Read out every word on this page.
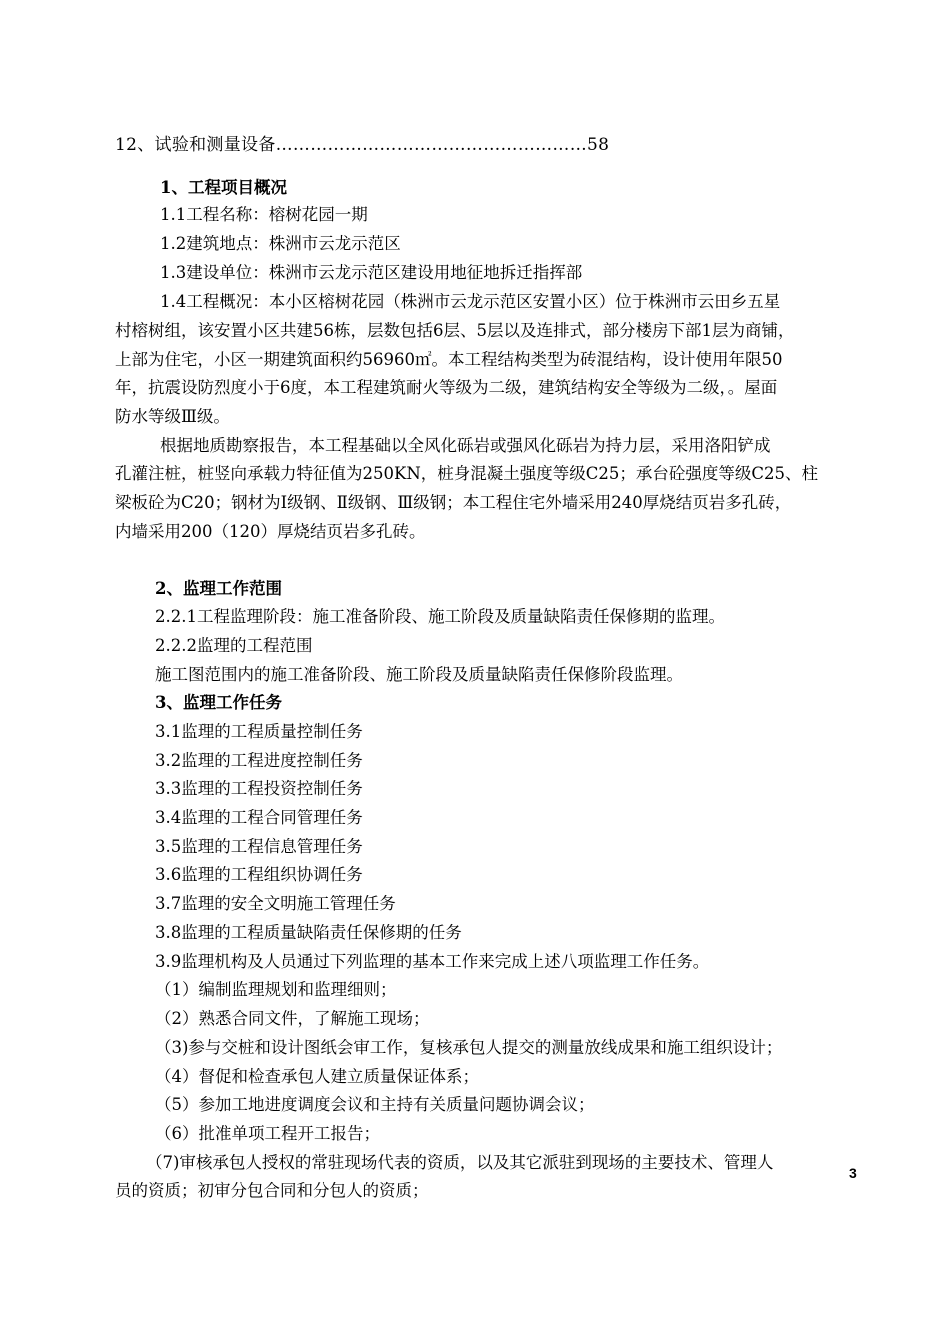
12、试验和测量设备………………………………………………58
1、工程项目概况
1.1工程名称：榕树花园一期
1.2建筑地点：株洲市云龙示范区
1.3建设单位：株洲市云龙示范区建设用地征地拆迁指挥部
1.4工程概况：本小区榕树花园（株洲市云龙示范区安置小区）位于株洲市云田乡五星
村榕树组，该安置小区共建56栋，层数包括6层、5层以及连排式，部分楼房下部1层为商铺，
上部为住宅，小区一期建筑面积约56960㎡。本工程结构类型为砖混结构，设计使用年限50
年，抗震设防烈度小于6度，本工程建筑耐火等级为二级，建筑结构安全等级为二级，。屋面
防水等级Ⅲ级。
根据地质勘察报告，本工程基础以全风化砾岩或强风化砾岩为持力层，采用洛阳铲成
孔灌注桩，桩竖向承载力特征值为250KN，桩身混凝土强度等级C25；承台砼强度等级C25、柱
梁板砼为C20；钢材为Ⅰ级钢、Ⅱ级钢、Ⅲ级钢；本工程住宅外墙采用240厚烧结页岩多孔砖，
内墙采用200（120）厚烧结页岩多孔砖。
2、监理工作范围
2.2.1工程监理阶段：施工准备阶段、施工阶段及质量缺陷责任保修期的监理。
2.2.2监理的工程范围
施工图范围内的施工准备阶段、施工阶段及质量缺陷责任保修阶段监理。
3、监理工作任务
3.1监理的工程质量控制任务
3.2监理的工程进度控制任务
3.3监理的工程投资控制任务
3.4监理的工程合同管理任务
3.5监理的工程信息管理任务
3.6监理的工程组织协调任务
3.7监理的安全文明施工管理任务
3.8监理的工程质量缺陷责任保修期的任务
3.9监理机构及人员通过下列监理的基本工作来完成上述八项监理工作任务。
（1）编制监理规划和监理细则；
（2）熟悉合同文件，了解施工现场；
（3)参与交桩和设计图纸会审工作，复核承包人提交的测量放线成果和施工组织设计；
（4）督促和检查承包人建立质量保证体系；
（5）参加工地进度调度会议和主持有关质量问题协调会议；
（6）批准单项工程开工报告；
（7)审核承包人授权的常驻现场代表的资质，以及其它派驻到现场的主要技术、管理人
员的资质；初审分包合同和分包人的资质；
3
